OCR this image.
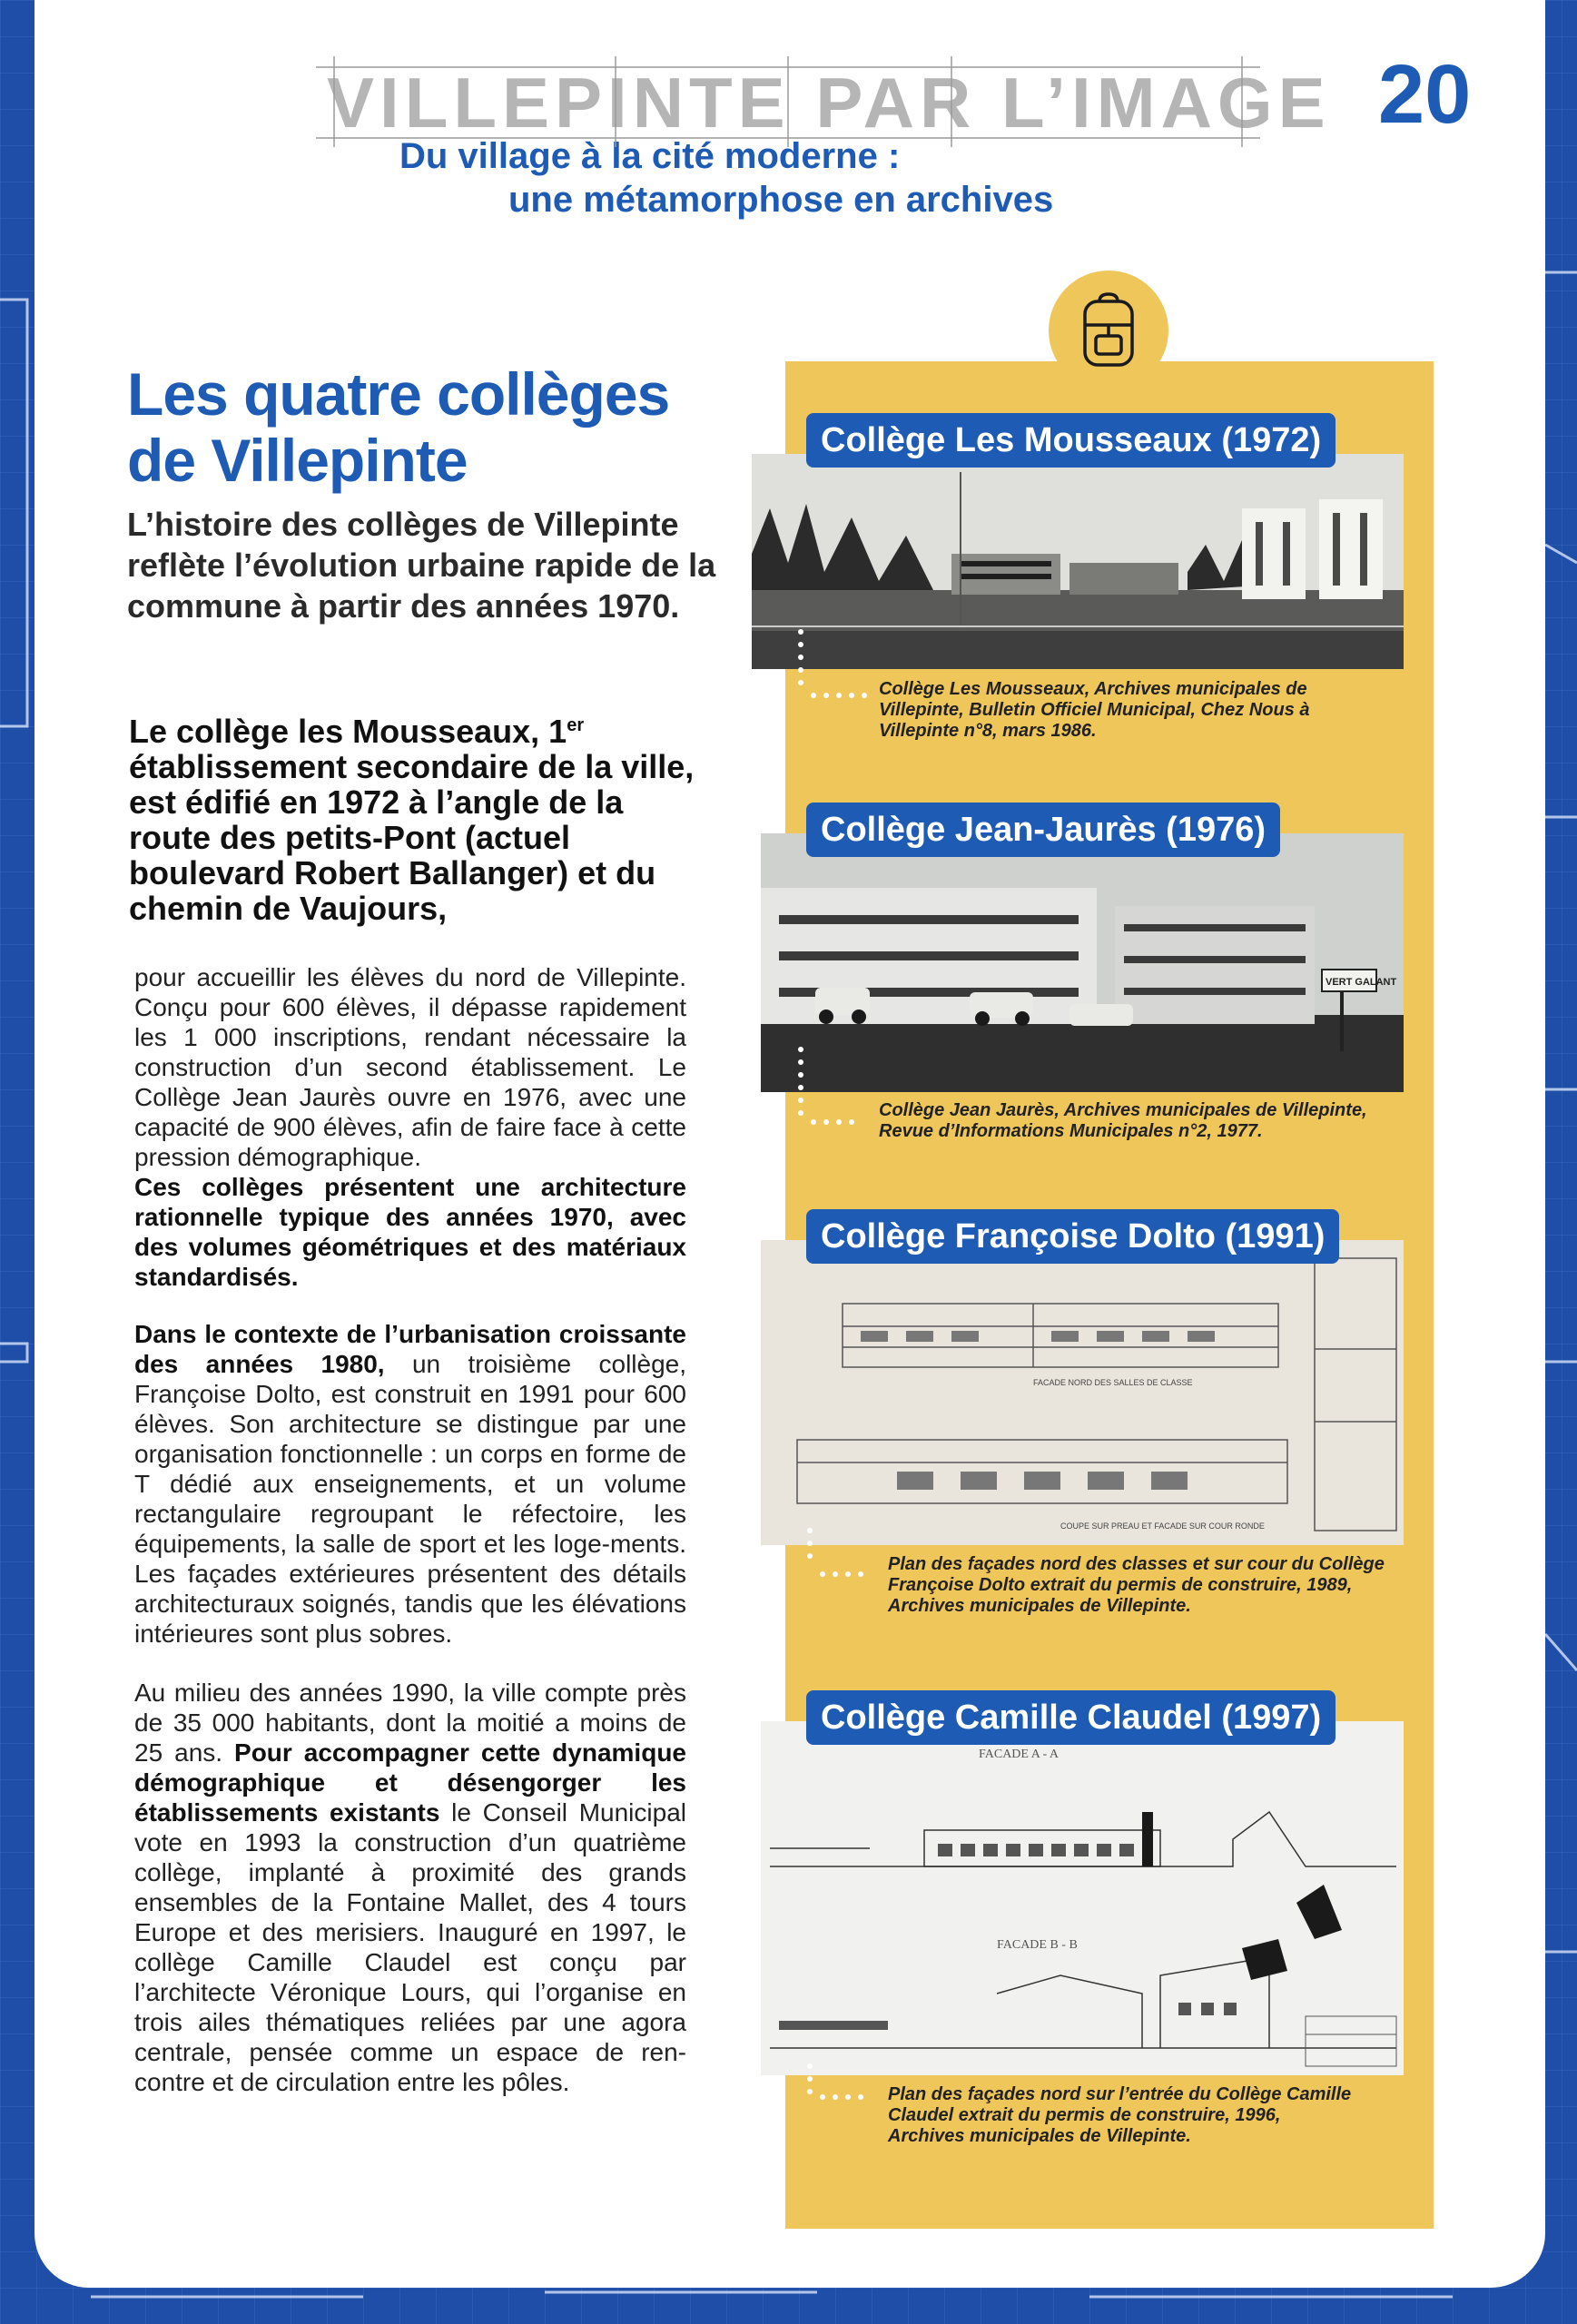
VILLEPINTE PAR L’IMAGE 20
Du village à la cité moderne :
une métamorphose en archives
Les quatre collèges
de Villepinte
L’histoire des collèges de Villepinte reflète l’évolution urbaine rapide de la commune à partir des années 1970.
Le collège les Mousseaux, 1er établissement secondaire de la ville, est édifié en 1972 à l’angle de la route des petits-Pont (actuel boulevard Robert Ballanger) et du chemin de Vaujours,
pour accueillir les élèves du nord de Villepinte. Conçu pour 600 élèves, il dépasse rapidement les 1 000 inscriptions, rendant nécessaire la construction d’un second établissement. Le Collège Jean Jaurès ouvre en 1976, avec une capacité de 900 élèves, afin de faire face à cette pression démographique.
Ces collèges présentent une architecture rationnelle typique des années 1970, avec des volumes géométriques et des matériaux standardisés.
Dans le contexte de l’urbanisation croissante des années 1980, un troisième collège, Françoise Dolto, est construit en 1991 pour 600 élèves. Son architecture se distingue par une organisation fonctionnelle : un corps en forme de T dédié aux enseignements, et un volume rectangulaire regroupant le réfectoire, les équipements, la salle de sport et les loge-ments. Les façades extérieures présentent des détails architecturaux soignés, tandis que les élévations intérieures sont plus sobres.
Au milieu des années 1990, la ville compte près de 35 000 habitants, dont la moitié a moins de 25 ans. Pour accompagner cette dynamique démographique et désengorger les établissements existants le Conseil Municipal vote en 1993 la construction d’un quatrième collège, implanté à proximité des grands ensembles de la Fontaine Mallet, des 4 tours Europe et des merisiers. Inauguré en 1997, le collège Camille Claudel est conçu par l’architecte Véronique Lours, qui l’organise en trois ailes thématiques reliées par une agora centrale, pensée comme un espace de ren-contre et de circulation entre les pôles.
Collège Les Mousseaux (1972)
Collège Les Mousseaux, Archives municipales de Villepinte, Bulletin Officiel Municipal, Chez Nous à Villepinte n°8, mars 1986.
Collège Jean-Jaurès (1976)
VERT GALANT
Collège Jean Jaurès, Archives municipales de Villepinte, Revue d’Informations Municipales n°2, 1977.
Collège Françoise Dolto (1991)
FACADE NORD DES SALLES DE CLASSE
COUPE SUR PREAU ET FACADE SUR COUR RONDE
Plan des façades nord des classes et sur cour du Collège Françoise Dolto extrait du permis de construire, 1989, Archives municipales de Villepinte.
Collège Camille Claudel (1997)
FACADE A - A
FACADE B - B
Plan des façades nord sur l’entrée du Collège Camille Claudel extrait du permis de construire, 1996, Archives municipales de Villepinte.
